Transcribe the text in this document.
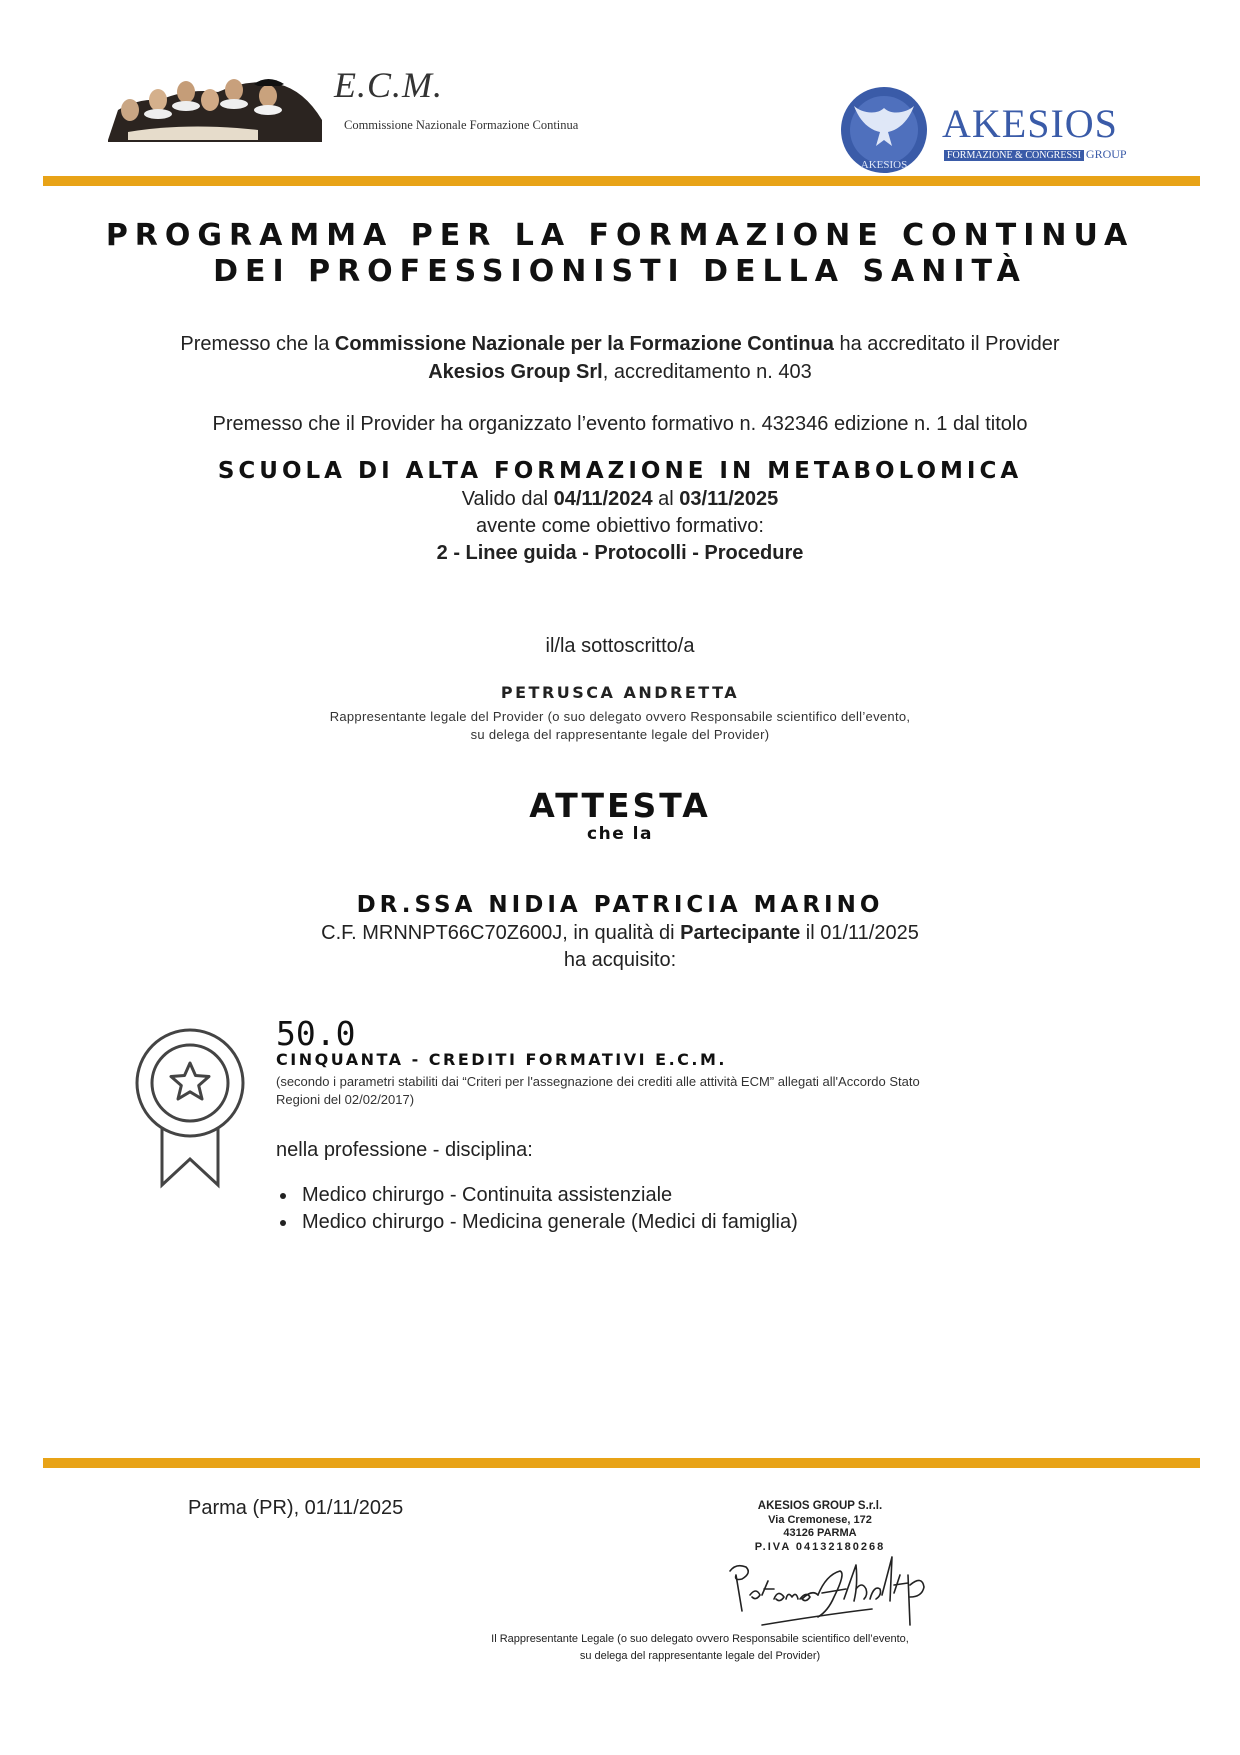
E.C.M.
Commissione Nazionale Formazione Continua
AKESIOS
AKESIOS
FORMAZIONE & CONGRESSI GROUP
PROGRAMMA PER LA FORMAZIONE CONTINUA
DEI PROFESSIONISTI DELLA SANITÀ
Premesso che la Commissione Nazionale per la Formazione Continua ha accreditato il Provider
Akesios Group Srl, accreditamento n. 403
Premesso che il Provider ha organizzato l’evento formativo n. 432346 edizione n. 1 dal titolo
SCUOLA DI ALTA FORMAZIONE IN METABOLOMICA
Valido dal 04/11/2024 al 03/11/2025
avente come obiettivo formativo:
2 - Linee guida - Protocolli - Procedure
il/la sottoscritto/a
PETRUSCA ANDRETTA
Rappresentante legale del Provider (o suo delegato ovvero Responsabile scientifico dell’evento,
su delega del rappresentante legale del Provider)
ATTESTA
che la
DR.SSA NIDIA PATRICIA MARINO
C.F. MRNNPT66C70Z600J, in qualità di Partecipante il 01/11/2025
ha acquisito:
50.0
CINQUANTA - CREDITI FORMATIVI E.C.M.
(secondo i parametri stabiliti dai “Criteri per l'assegnazione dei crediti alle attività ECM” allegati all'Accordo Stato
Regioni del 02/02/2017)
nella professione - disciplina:
• Medico chirurgo - Continuita assistenziale
• Medico chirurgo - Medicina generale (Medici di famiglia)
Parma (PR), 01/11/2025	AKESIOS GROUP S.r.l.
Via Cremonese, 172
43126 PARMA
P.IVA 04132180268
Il Rappresentante Legale (o suo delegato ovvero Responsabile scientifico dell’evento,
su delega del rappresentante legale del Provider)
